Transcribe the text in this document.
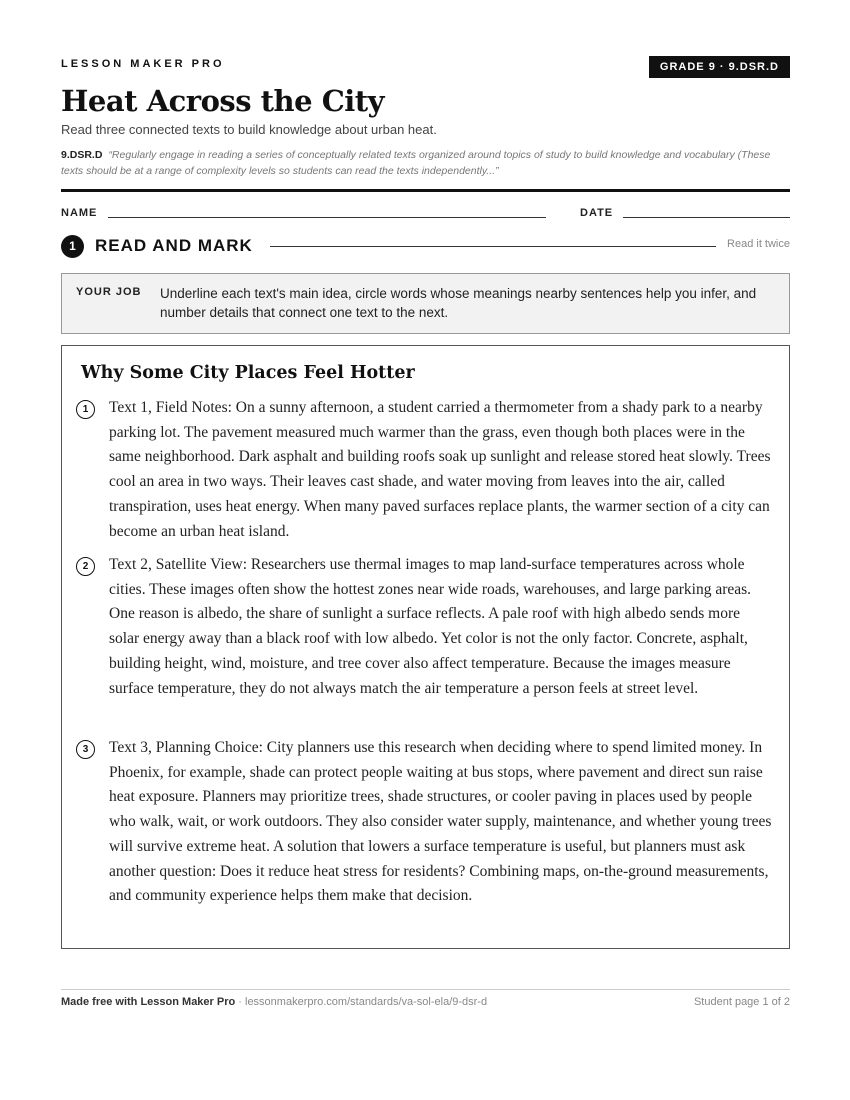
LESSON MAKER PRO	GRADE 9 · 9.DSR.D
Heat Across the City
Read three connected texts to build knowledge about urban heat.
9.DSR.D “Regularly engage in reading a series of conceptually related texts organized around topics of study to build knowledge and vocabulary (These texts should be at a range of complexity levels so students can read the texts independently...”
NAME	DATE
1	READ AND MARK	Read it twice
YOUR JOB Underline each text's main idea, circle words whose meanings nearby sentences help you infer, and number details that connect one text to the next.
Why Some City Places Feel Hotter
1	Text 1, Field Notes: On a sunny afternoon, a student carried a thermometer from a shady park to a nearby parking lot. The pavement measured much warmer than the grass, even though both places were in the same neighborhood. Dark asphalt and building roofs soak up sunlight and release stored heat slowly. Trees cool an area in two ways. Their leaves cast shade, and water moving from leaves into the air, called transpiration, uses heat energy. When many paved surfaces replace plants, the warmer section of a city can become an urban heat island.

2	Text 2, Satellite View: Researchers use thermal images to map land-surface temperatures across whole cities. These images often show the hottest zones near wide roads, warehouses, and large parking areas. One reason is albedo, the share of sunlight a surface reflects. A pale roof with high albedo sends more solar energy away than a black roof with low albedo. Yet color is not the only factor. Concrete, asphalt, building height, wind, moisture, and tree cover also affect temperature. Because the images measure surface temperature, they do not always match the air temperature a person feels at street level.

3	Text 3, Planning Choice: City planners use this research when deciding where to spend limited money. In Phoenix, for example, shade can protect people waiting at bus stops, where pavement and direct sun raise heat exposure. Planners may prioritize trees, shade structures, or cooler paving in places used by people who walk, wait, or work outdoors. They also consider water supply, maintenance, and whether young trees will survive extreme heat. A solution that lowers a surface temperature is useful, but planners must ask another question: Does it reduce heat stress for residents? Combining maps, on-the-ground measurements, and community experience helps them make that decision.

Made free with Lesson Maker Pro · lessonmakerpro.com/standards/va-sol-ela/9-dsr-d	Student page 1 of 2
